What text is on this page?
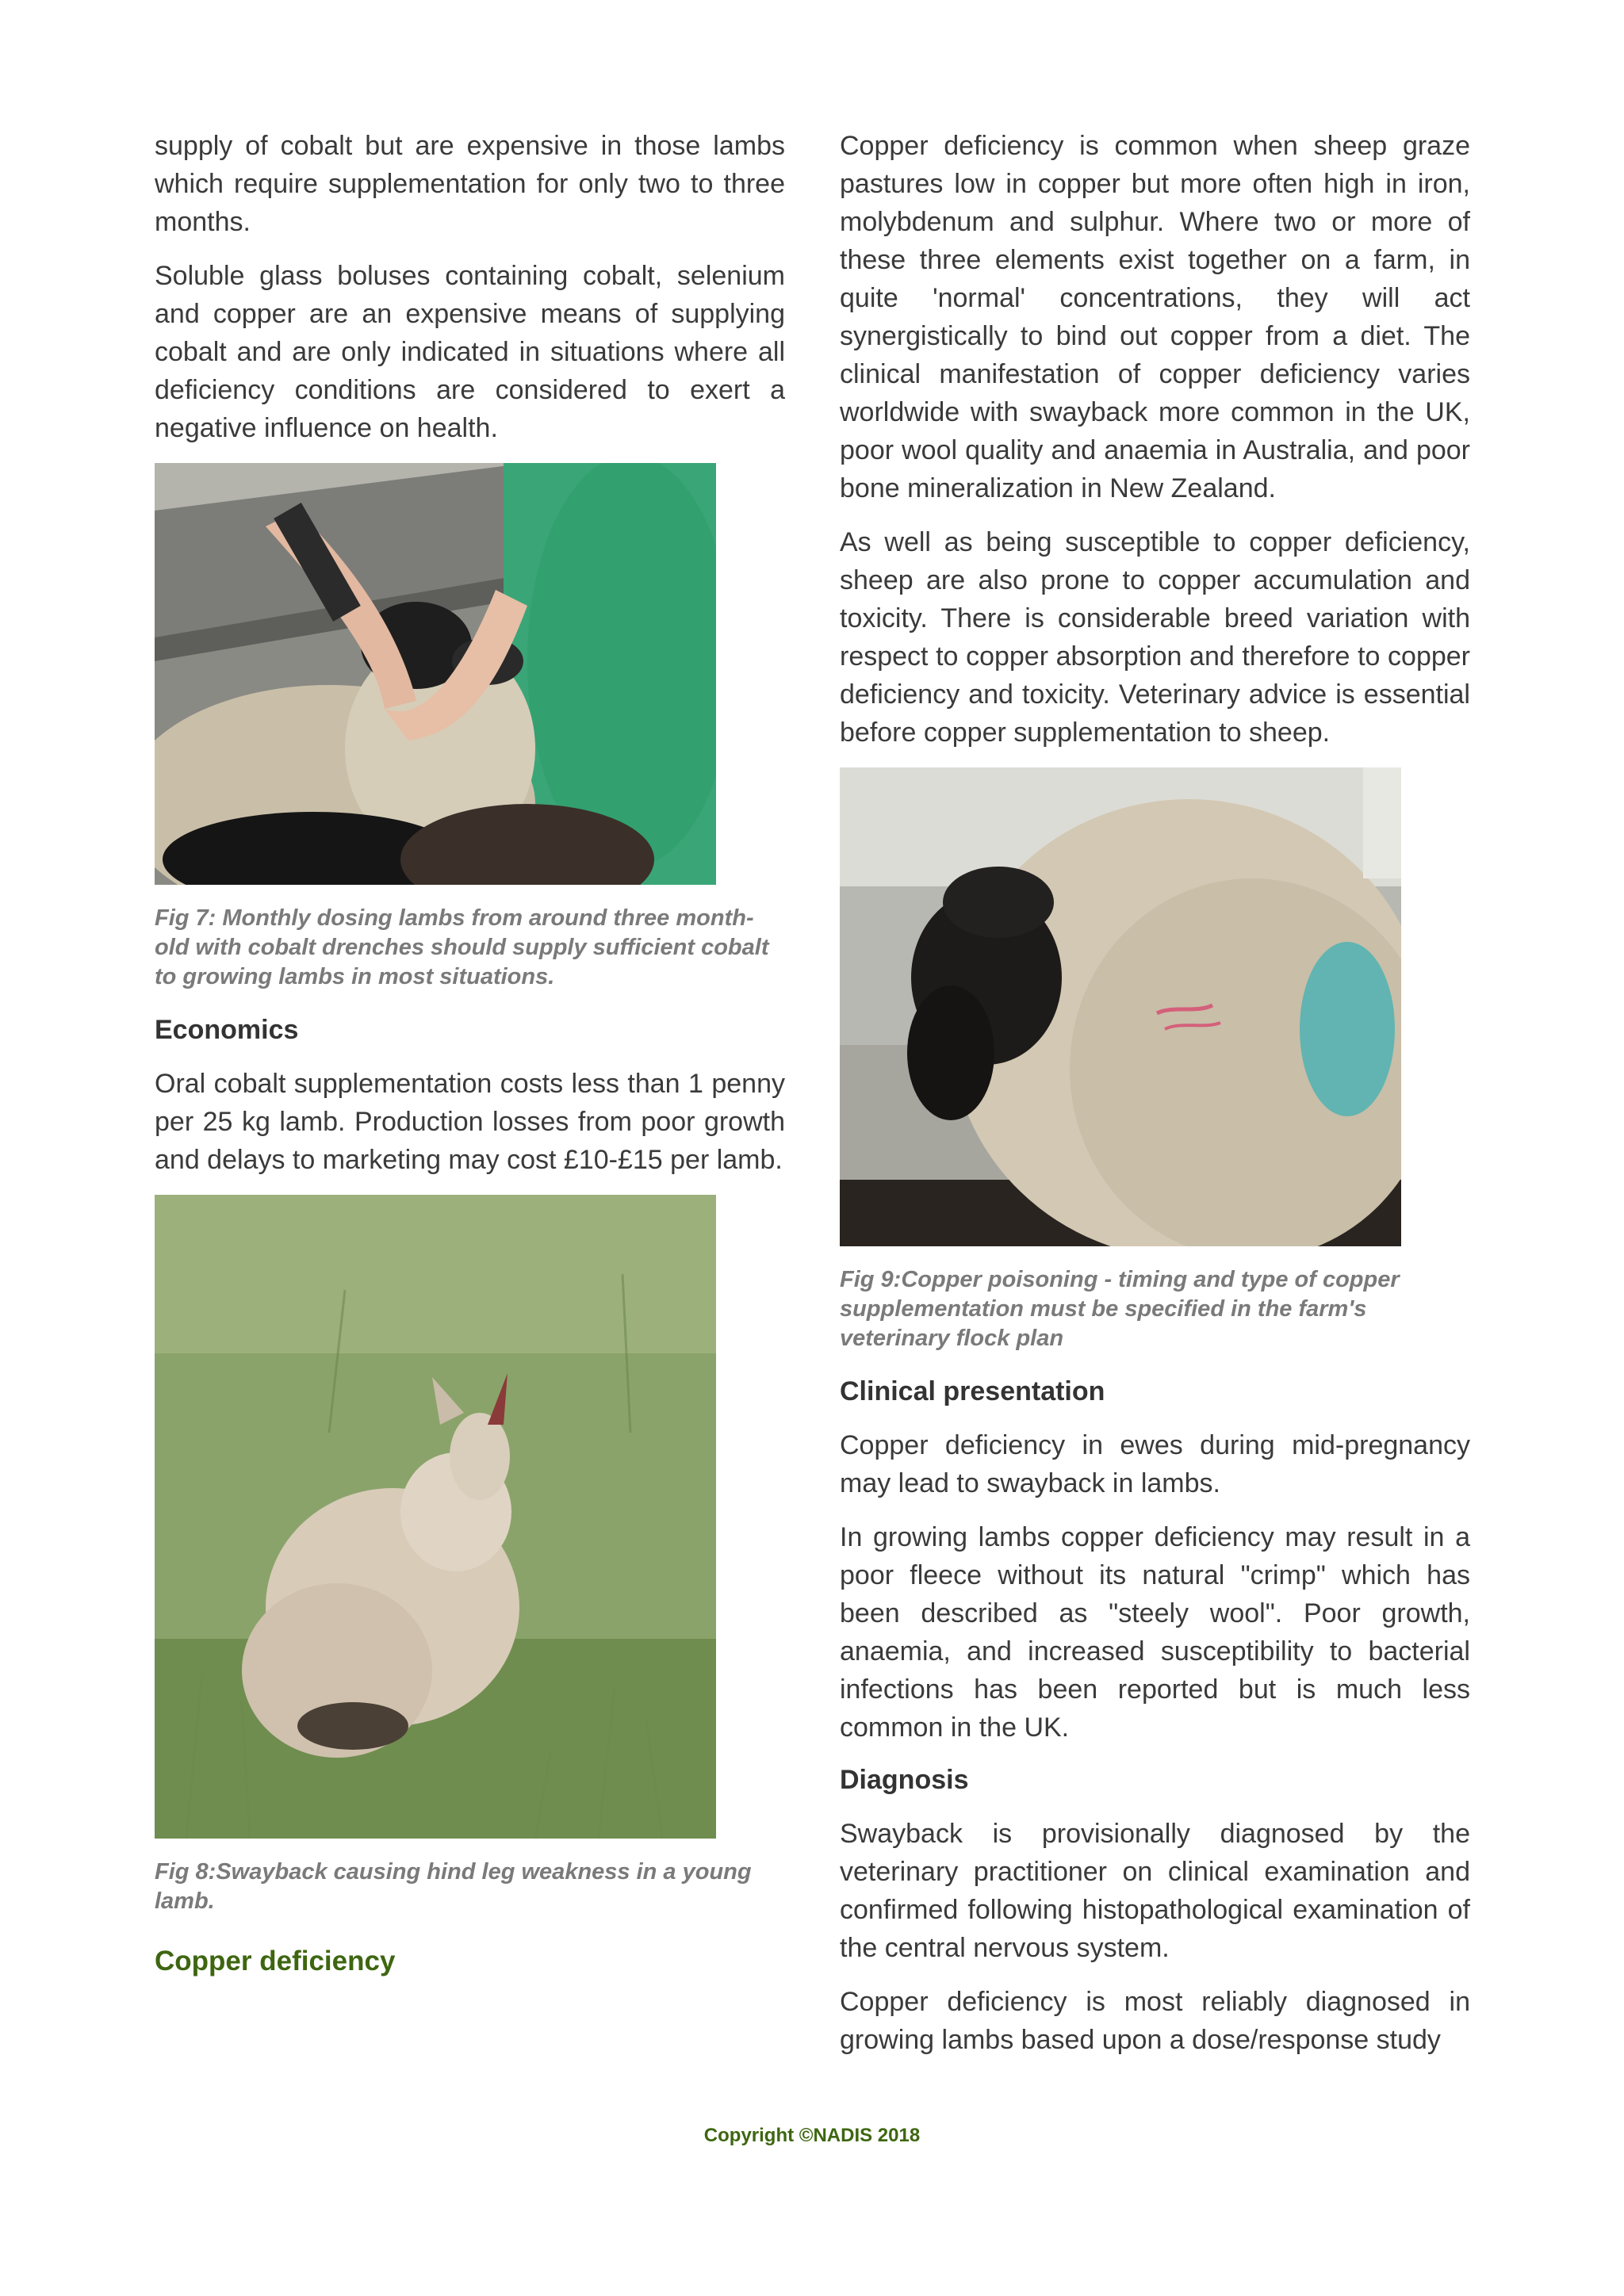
supply of cobalt but are expensive in those lambs which require supplementation for only two to three months.

Soluble glass boluses containing cobalt, selenium and copper are an expensive means of supplying cobalt and are only indicated in situations where all deficiency conditions are considered to exert a negative influence on health.

Fig 7: Monthly dosing lambs from around three month-old with cobalt drenches should supply sufficient cobalt to growing lambs in most situations.
Economics

Oral cobalt supplementation costs less than 1 penny per 25 kg lamb. Production losses from poor growth and delays to marketing may cost £10-£15 per lamb.

Fig 8:Swayback causing hind leg weakness in a young lamb.
Copper deficiency

Copper deficiency is common when sheep graze pastures low in copper but more often high in iron, molybdenum and sulphur. Where two or more of these three elements exist together on a farm, in quite 'normal' concentrations, they will act synergistically to bind out copper from a diet. The clinical manifestation of copper deficiency varies worldwide with swayback more common in the UK, poor wool quality and anaemia in Australia, and poor bone mineralization in New Zealand.

As well as being susceptible to copper deficiency, sheep are also prone to copper accumulation and toxicity. There is considerable breed variation with respect to copper absorption and therefore to copper deficiency and toxicity. Veterinary advice is essential before copper supplementation to sheep.

Fig 9:Copper poisoning - timing and type of copper supplementation must be specified in the farm's veterinary flock plan
Clinical presentation

Copper deficiency in ewes during mid-pregnancy may lead to swayback in lambs.

In growing lambs copper deficiency may result in a poor fleece without its natural "crimp" which has been described as "steely wool". Poor growth, anaemia, and increased susceptibility to bacterial infections has been reported but is much less common in the UK.

Diagnosis

Swayback is provisionally diagnosed by the veterinary practitioner on clinical examination and confirmed following histopathological examination of the central nervous system.

Copper deficiency is most reliably diagnosed in growing lambs based upon a dose/response study

Copyright ©NADIS 2018
